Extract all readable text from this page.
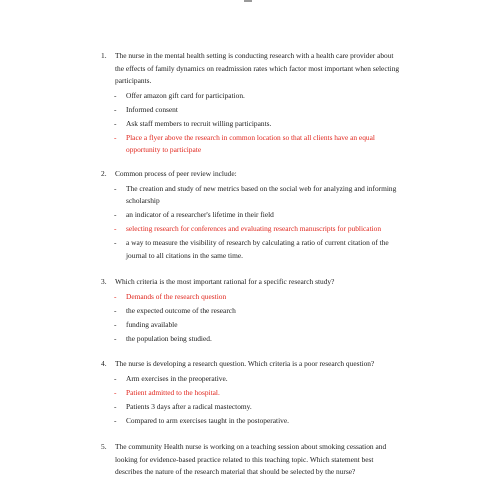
1. The nurse in the mental health setting is conducting research with a health care provider about the effects of family dynamics on readmission rates which factor most important when selecting participants.
- Offer amazon gift card for participation.
- Informed consent
- Ask staff members to recruit willing participants.
- Place a flyer above the research in common location so that all clients have an equal opportunity to participate
2. Common process of peer review include:
- The creation and study of new metrics based on the social web for analyzing and informing scholarship
- an indicator of a researcher's lifetime in their field
- selecting research for conferences and evaluating research manuscripts for publication
- a way to measure the visibility of research by calculating a ratio of current citation of the journal to all citations in the same time.
3. Which criteria is the most important rational for a specific research study?
- Demands of the research question
- the expected outcome of the research
- funding available
- the population being studied.
4. The nurse is developing a research question. Which criteria is a poor research question?
- Arm exercises in the preoperative.
- Patient admitted to the hospital.
- Patients 3 days after a radical mastectomy.
- Compared to arm exercises taught in the postoperative.
5. The community Health nurse is working on a teaching session about smoking cessation and looking for evidence-based practice related to this teaching topic. Which statement best describes the nature of the research material that should be selected by the nurse?
